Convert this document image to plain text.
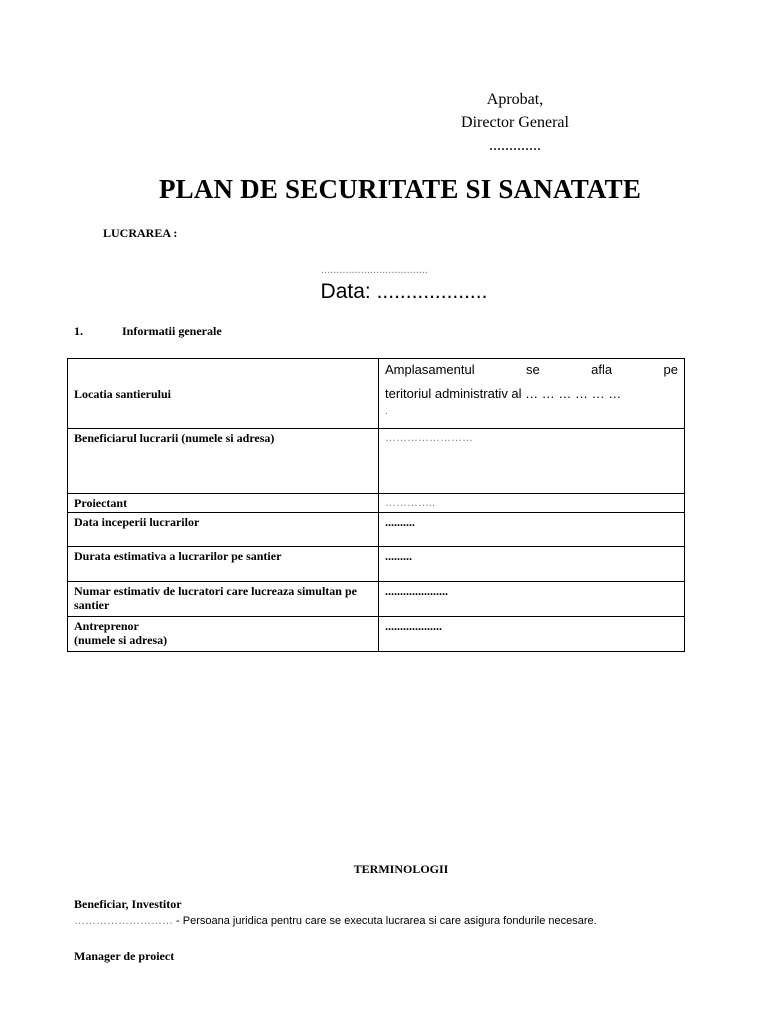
Aprobat,
Director General
.............
PLAN DE SECURITATE SI SANATATE
LUCRAREA :
...................................
Data: ...................
1.	Informatii generale
Locatia santierului	Amplasamentul se afla pe
teritoriul administrativ al … … … … … …
.

Beneficiarul lucrarii (numele si adresa)	……………………
Proiectant	…………..
Data inceperii lucrarilor	..........
Durata estimativa a lucrarilor pe santier	.........
Numar estimativ de lucratori care lucreaza simultan pe santier	.....................

Antreprenor
(numele si adresa)	...................
TERMINOLOGII
Beneficiar, Investitor
……………………… - Persoana juridica pentru care se executa lucrarea si care asigura fondurile necesare.
Manager de proiect
